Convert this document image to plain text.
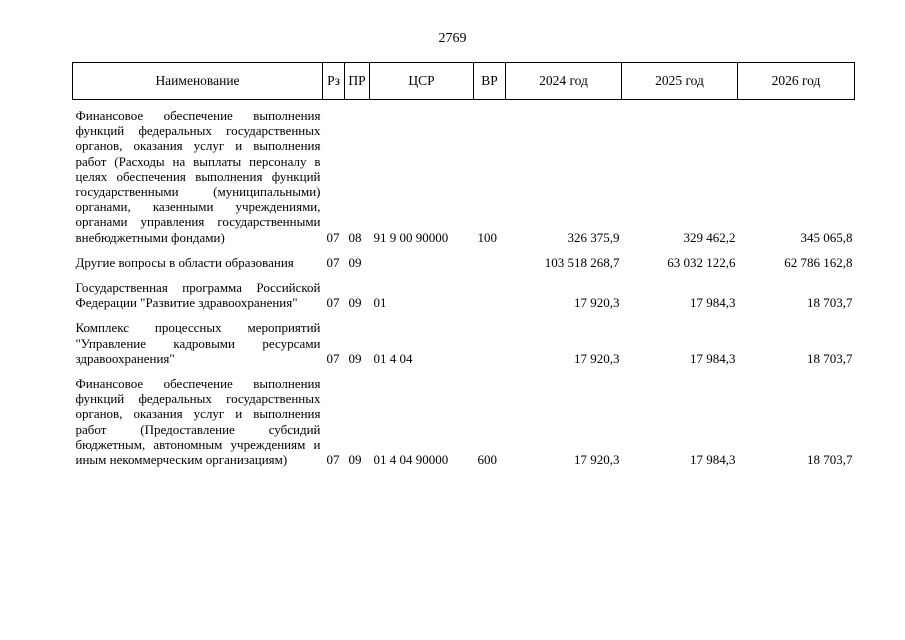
2769
Наименование	Рз	ПР	ЦСР	ВР	2024 год	2025 год	2026 год
Финансовое обеспечение выполнения функций федеральных государственных органов, оказания услуг и выполнения работ (Расходы на выплаты персоналу в целях обеспечения выполнения функций государственными (муниципальными) органами, казенными учреждениями, органами управления государственными внебюджетными фондами)	07	08	91 9 00 90000	100	326 375,9	329 462,2	345 065,8
Другие вопросы в области образования	07	09			103 518 268,7	63 032 122,6	62 786 162,8
Государственная программа Российской Федерации "Развитие здравоохранения"	07	09	01		17 920,3	17 984,3	18 703,7
Комплекс процессных мероприятий "Управление кадровыми ресурсами здравоохранения"	07	09	01 4 04		17 920,3	17 984,3	18 703,7
Финансовое обеспечение выполнения функций федеральных государственных органов, оказания услуг и выполнения работ (Предоставление субсидий бюджетным, автономным учреждениям и иным некоммерческим организациям)	07	09	01 4 04 90000	600	17 920,3	17 984,3	18 703,7
